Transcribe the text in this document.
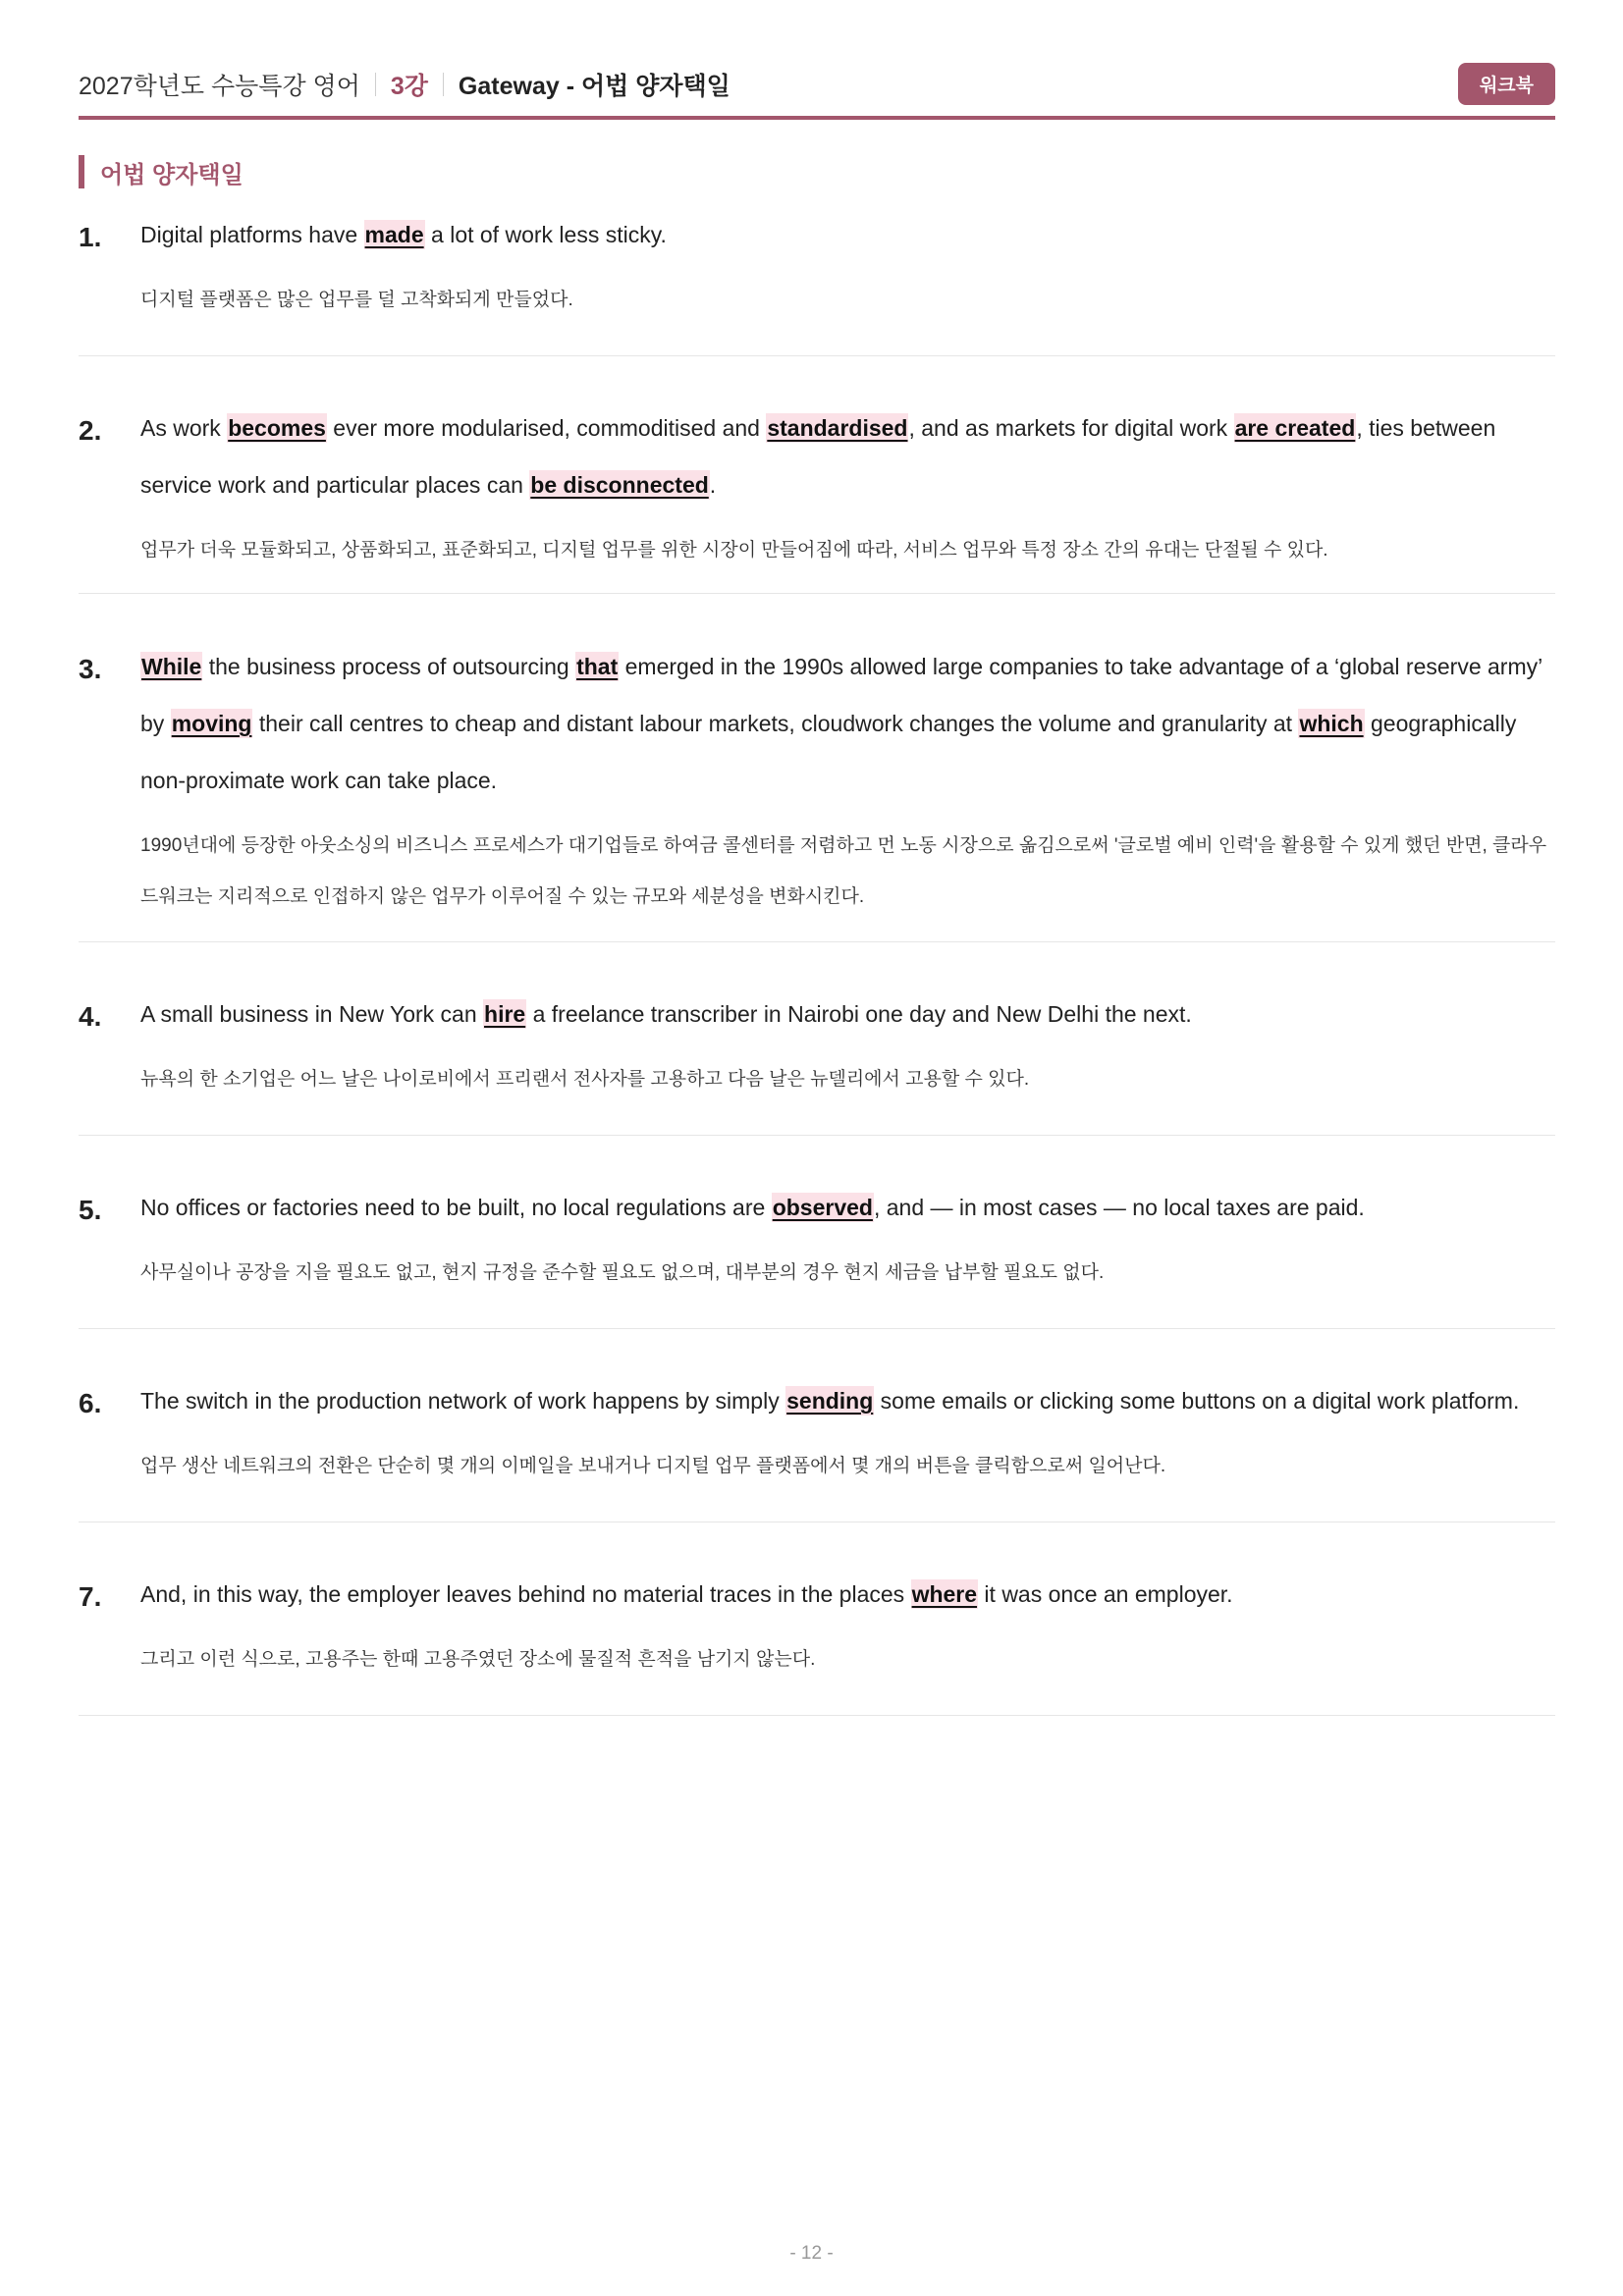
2027학년도 수능특강 영어 3강 Gateway - 어법 양자택일	워크북
어법 양자택일
1. Digital platforms have made a lot of work less sticky.
디지털 플랫폼은 많은 업무를 덜 고착화되게 만들었다.
2. As work becomes ever more modularised, commoditised and standardised, and as markets for digital work are created, ties between service work and particular places can be disconnected.
업무가 더욱 모듈화되고, 상품화되고, 표준화되고, 디지털 업무를 위한 시장이 만들어짐에 따라, 서비스 업무와 특정 장소 간의 유대는 단절될 수 있다.
3. While the business process of outsourcing that emerged in the 1990s allowed large companies to take advantage of a ‘global reserve army’ by moving their call centres to cheap and distant labour markets, cloudwork changes the volume and granularity at which geographically non-proximate work can take place.
1990년대에 등장한 아웃소싱의 비즈니스 프로세스가 대기업들로 하여금 콜센터를 저렴하고 먼 노동 시장으로 옮김으로써 '글로벌 예비 인력'을 활용할 수 있게 했던 반면, 클라우드워크는 지리적으로 인접하지 않은 업무가 이루어질 수 있는 규모와 세분성을 변화시킨다.
4. A small business in New York can hire a freelance transcriber in Nairobi one day and New Delhi the next.
뉴욕의 한 소기업은 어느 날은 나이로비에서 프리랜서 전사자를 고용하고 다음 날은 뉴델리에서 고용할 수 있다.
5. No offices or factories need to be built, no local regulations are observed, and — in most cases — no local taxes are paid.
사무실이나 공장을 지을 필요도 없고, 현지 규정을 준수할 필요도 없으며, 대부분의 경우 현지 세금을 납부할 필요도 없다.
6. The switch in the production network of work happens by simply sending some emails or clicking some buttons on a digital work platform.
업무 생산 네트워크의 전환은 단순히 몇 개의 이메일을 보내거나 디지털 업무 플랫폼에서 몇 개의 버튼을 클릭함으로써 일어난다.
7. And, in this way, the employer leaves behind no material traces in the places where it was once an employer.
그리고 이런 식으로, 고용주는 한때 고용주였던 장소에 물질적 흔적을 남기지 않는다.
- 12 -
